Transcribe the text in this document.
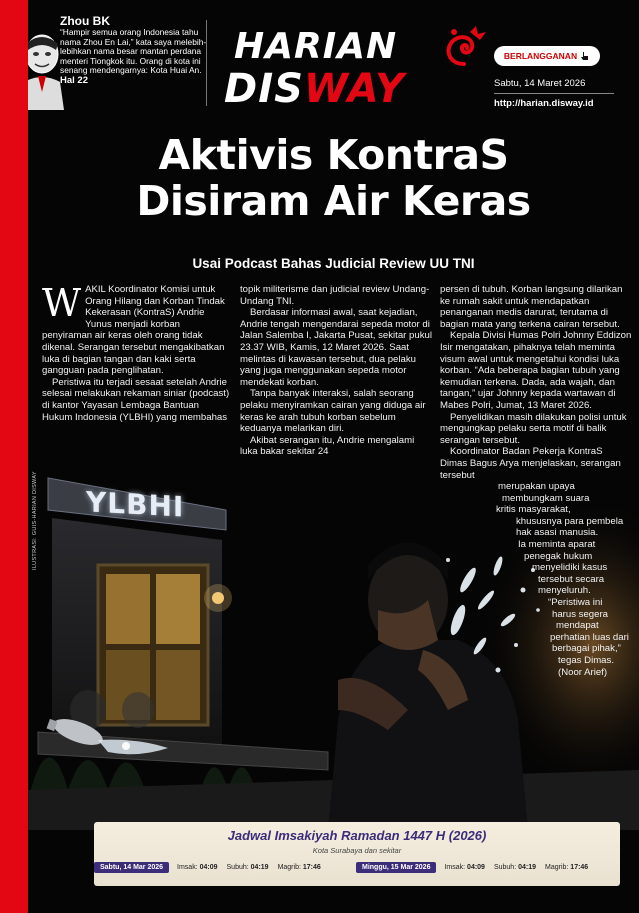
Zhou BK
“Hampir semua orang Indonesia tahu nama Zhou En Lai,” kata saya melebih-lebihkan nama besar mantan perdana menteri Tiongkok itu. Orang di kota ini senang mendengarnya: Kota Huai An.
Hal 22
HARIAN
DISWAY
BERLANGGANAN
Sabtu, 14 Maret 2026
http://harian.disway.id
Aktivis KontraS
Disiram Air Keras
Usai Podcast Bahas Judicial Review UU TNI
YLBHI
ILUSTRASI: GUIS-HARIAN DISWAY

WAKIL Koordinator Komisi untuk Orang Hilang dan Korban Tindak Kekerasan (KontraS) Andrie Yunus menjadi korban penyiraman air keras oleh orang tidak dikenal. Serangan tersebut mengakibatkan luka di bagian tangan dan kaki serta gangguan pada penglihatan.

Peristiwa itu terjadi sesaat setelah Andrie selesai melakukan rekaman siniar (podcast) di kantor Yayasan Lembaga Bantuan Hukum Indonesia (YLBHI) yang membahas

topik militerisme dan judicial review Undang-Undang TNI.

Berdasar informasi awal, saat kejadian, Andrie tengah mengendarai sepeda motor di Jalan Salemba I, Jakarta Pusat, sekitar pukul 23.37 WIB, Kamis, 12 Maret 2026. Saat melintas di kawasan tersebut, dua pelaku yang juga menggunakan sepeda motor mendekati korban.

Tanpa banyak interaksi, salah seorang pelaku menyiramkan cairan yang diduga air keras ke arah tubuh korban sebelum keduanya melarikan diri.

Akibat serangan itu, Andrie mengalami luka bakar sekitar 24

persen di tubuh. Korban langsung dilarikan ke rumah sakit untuk mendapatkan penanganan medis darurat, terutama di bagian mata yang terkena cairan tersebut.

Kepala Divisi Humas Polri Johnny Eddizon Isir mengatakan, pihaknya telah meminta visum awal untuk mengetahui kondisi luka korban. “Ada beberapa bagian tubuh yang kemudian terkena. Dada, ada wajah, dan tangan,” ujar Johnny kepada wartawan di Mabes Polri, Jumat, 13 Maret 2026.

Penyelidikan masih dilakukan polisi untuk mengungkap pelaku serta motif di balik serangan tersebut.

Koordinator Badan Pekerja KontraS Dimas Bagus Arya menjelaskan, serangan tersebut

merupakan upaya
membungkam suara
kritis masyarakat,
khususnya para pembela
hak asasi manusia.
Ia meminta aparat
penegak hukum
menyelidiki kasus
tersebut secara
menyeluruh.
“Peristiwa ini
harus segera
mendapat
perhatian luas dari
berbagai pihak,”
tegas Dimas.
(Noor Arief)
Jadwal Imsakiyah Ramadan 1447 H (2026)
Kota Surabaya dan sekitar
Sabtu, 14 Mar 2026	Imsak: 04:09 Subuh: 04:19 Magrib: 17:46	Minggu, 15 Mar 2026	Imsak: 04:09 Subuh: 04:19 Magrib: 17:46
